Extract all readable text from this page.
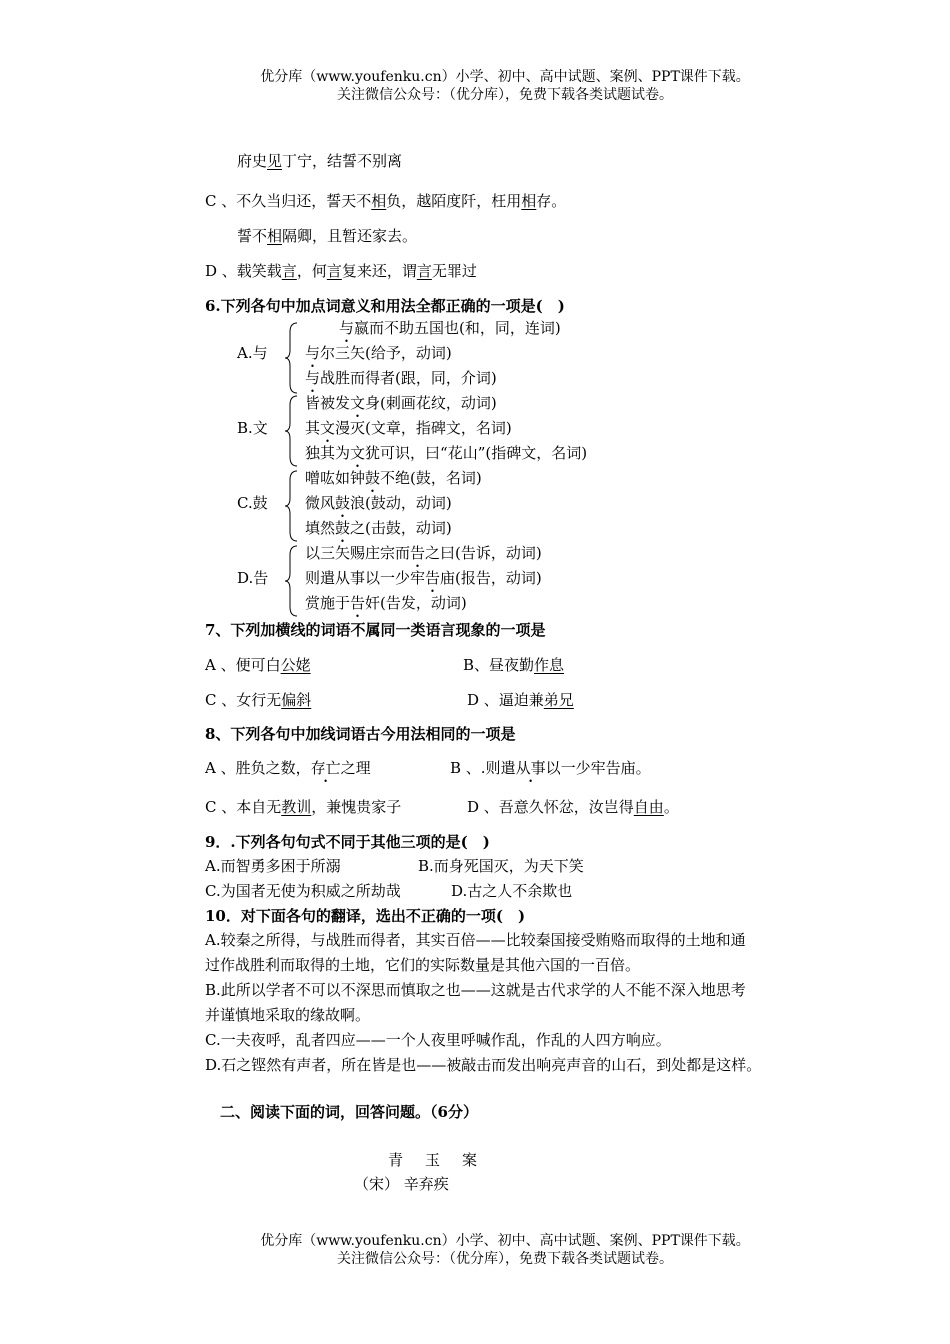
优分库（www.youfenku.cn）小学、初中、高中试题、案例、PPT课件下载。
关注微信公众号：（优分库），免费下载各类试题试卷。
府史见丁宁，结誓不别离
C 、不久当归还，誓天不相负，越陌度阡，枉用相存。
誓不相隔卿，且暂还家去。
D 、载笑载言，何言复来还，谓言无罪过
6.下列各句中加点词意义和用法全都正确的一项是(　)
A.与
与嬴而不助五国也(和，同，连词)
与尔三矢(给予，动词)
与战胜而得者(跟，同，介词)
B.文
皆被发文身(刺画花纹，动词)
其文漫灭(文章，指碑文，名词)
独其为文犹可识，曰“花山”(指碑文，名词)
C.鼓
噌吰如钟鼓不绝(鼓，名词)
微风鼓浪(鼓动，动词)
填然鼓之(击鼓，动词)
D.告
以三矢赐庄宗而告之曰(告诉，动词)
则遣从事以一少牢告庙(报告，动词)
赏施于告奸(告发，动词)
7、下列加横线的词语不属同一类语言现象的一项是
A 、便可白公姥	B、昼夜勤作息
C 、女行无偏斜	D 、逼迫兼弟兄
8、下列各句中加线词语古今用法相同的一项是
A 、胜负之数，存亡之理	B 、.则遣从事以一少牢告庙。
C 、本自无教训，兼愧贵家子	D 、吾意久怀忿，汝岂得自由。
9．.下列各句句式不同于其他三项的是(　)
A.而智勇多困于所溺	B.而身死国灭，为天下笑
C.为国者无使为积威之所劫哉	D.古之人不余欺也
10．对下面各句的翻译，选出不正确的一项(　)
A.较秦之所得，与战胜而得者，其实百倍——比较秦国接受贿赂而取得的土地和通
过作战胜利而取得的土地，它们的实际数量是其他六国的一百倍。
B.此所以学者不可以不深思而慎取之也——这就是古代求学的人不能不深入地思考
并谨慎地采取的缘故啊。
C.一夫夜呼，乱者四应——一个人夜里呼喊作乱，作乱的人四方响应。
D.石之铿然有声者，所在皆是也——被敲击而发出响亮声音的山石，到处都是这样。
二、阅读下面的词，回答问题。（6分）
青玉案
（宋） 辛弃疾
优分库（www.youfenku.cn）小学、初中、高中试题、案例、PPT课件下载。
关注微信公众号：（优分库），免费下载各类试题试卷。
